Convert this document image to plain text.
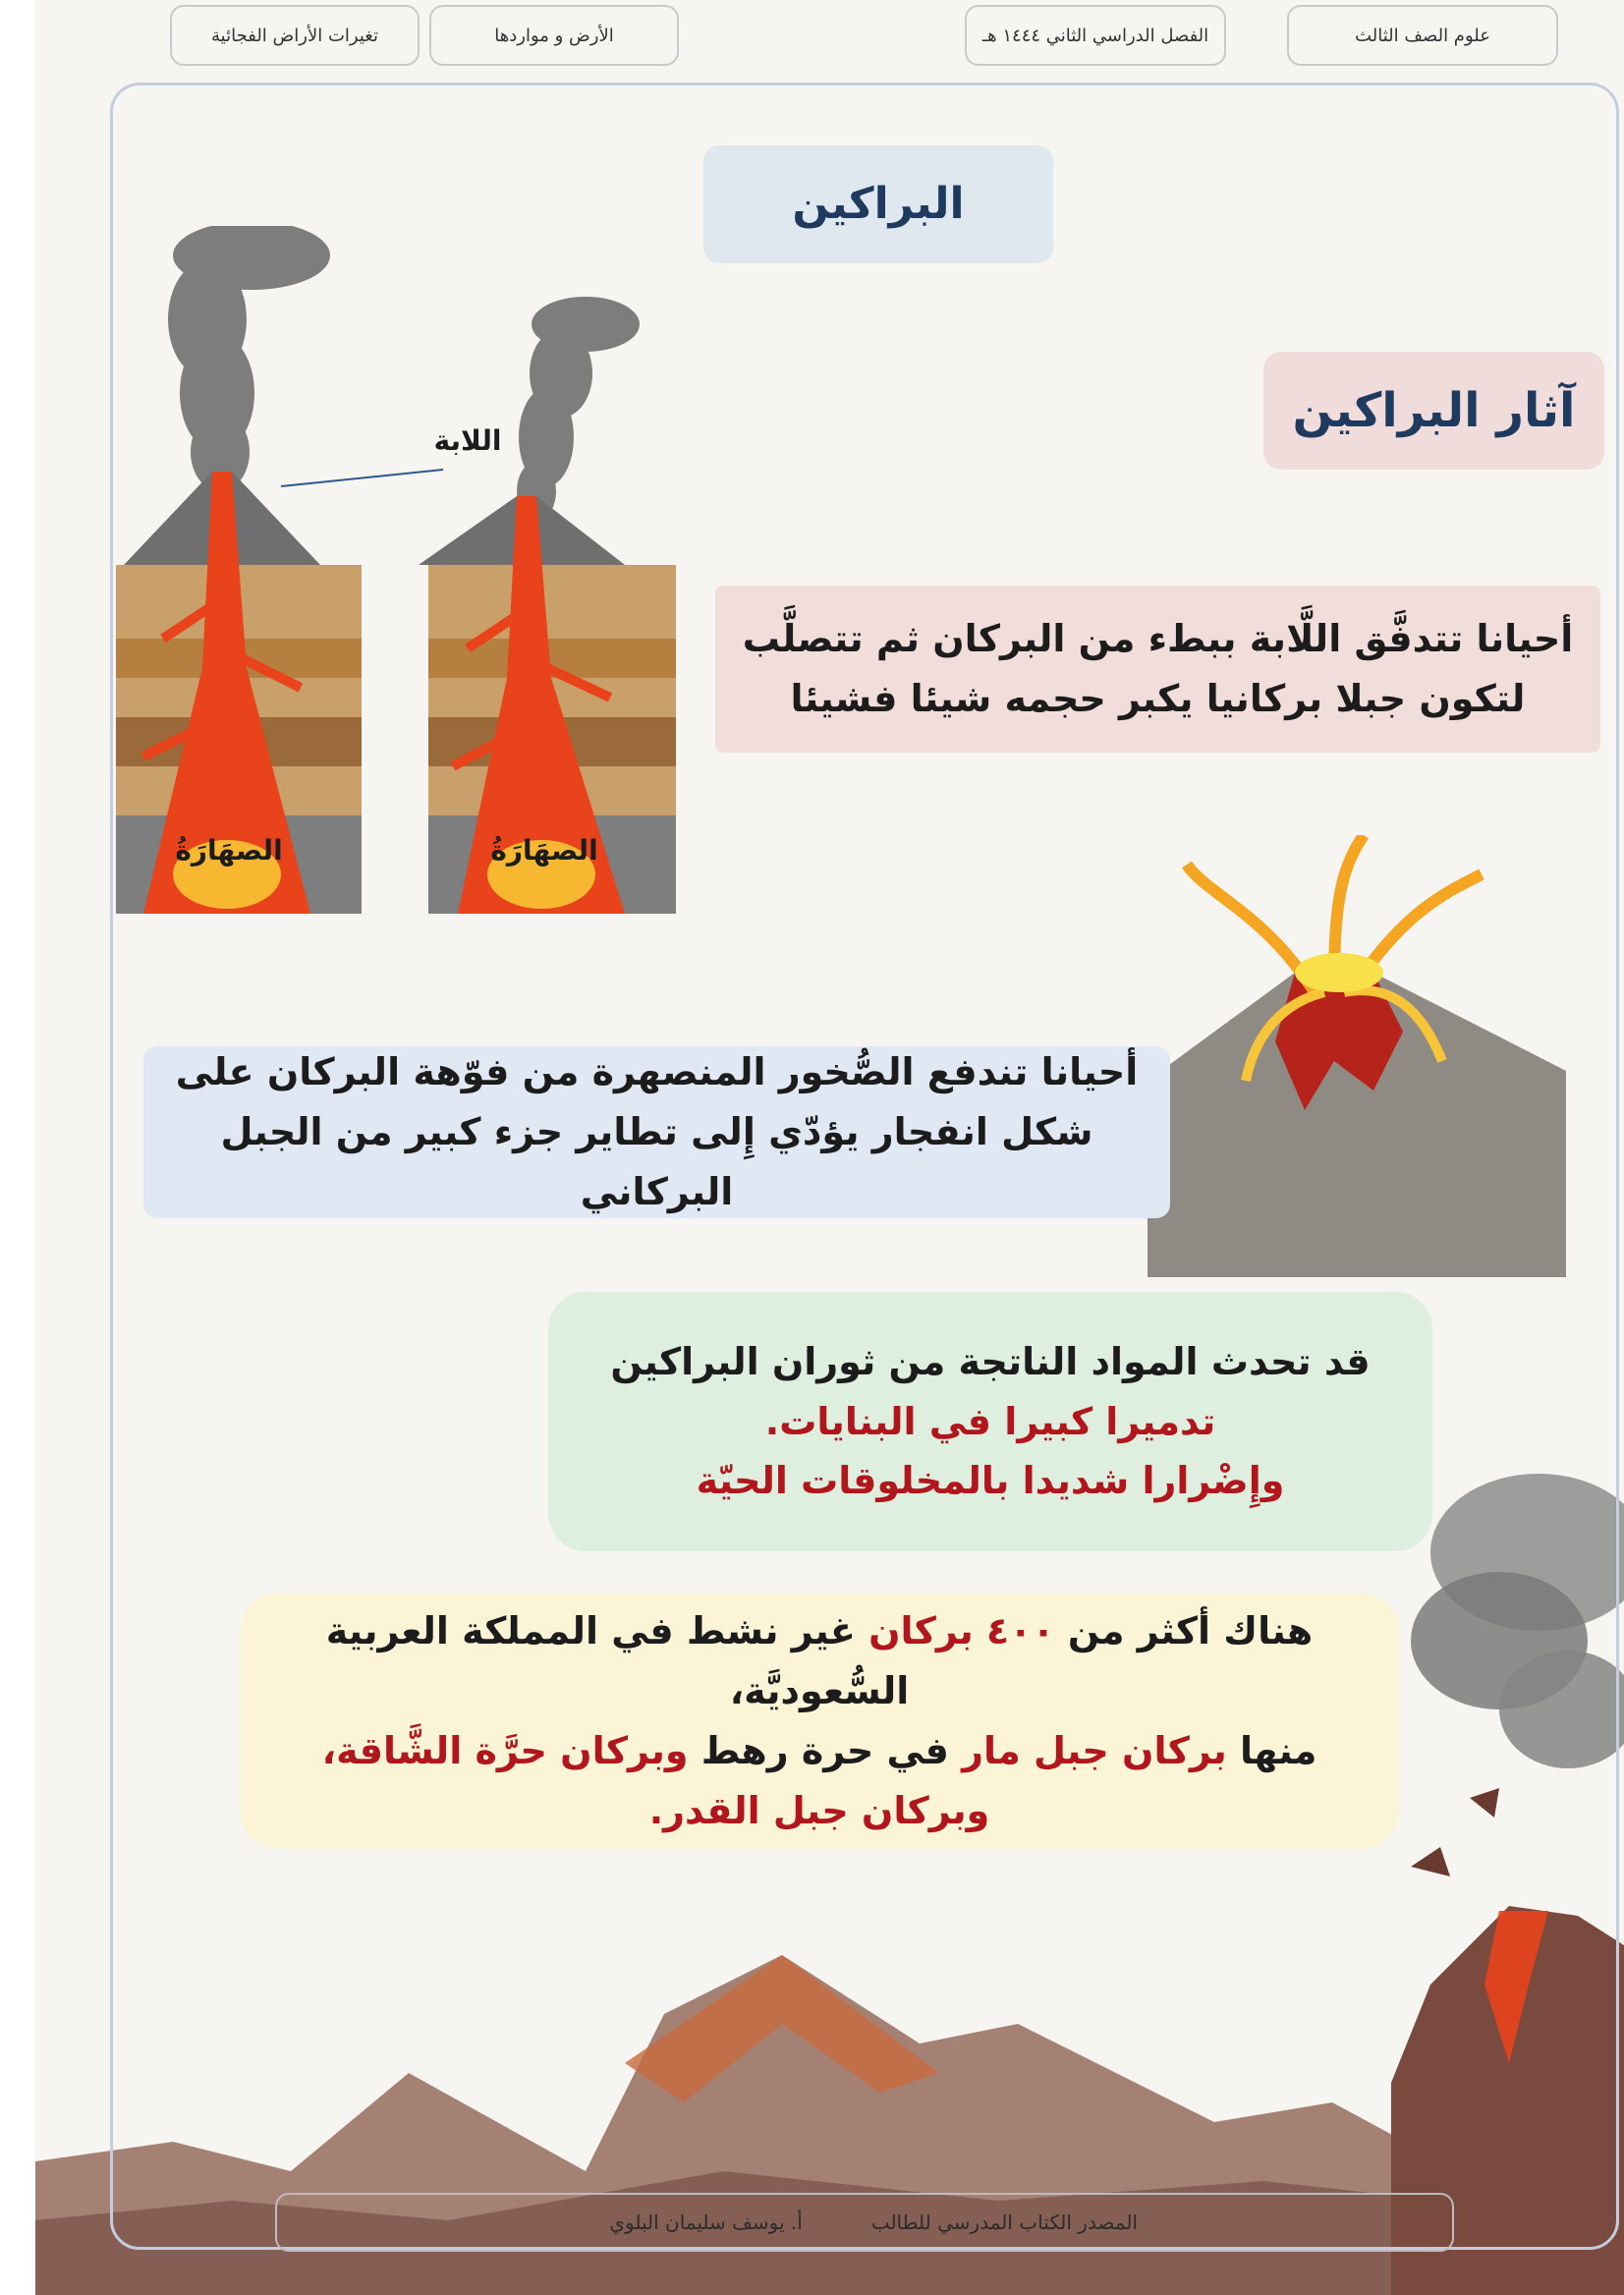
علوم الصف الثالث
الفصل الدراسي الثاني ١٤٤٤ هـ
الأرض و مواردها
تغيرات الأراض الفجائية
البراكين
آثار البراكين
اللابة
الصهَارَةُ	الصهَارَةُ
أحيانا تتدفَّق اللَّابة ببطء من البركان ثم تتصلَّب
لتكون جبلا بركانيا يكبر حجمه شيئا فشيئا
أحيانا تندفع الصُّخور المنصهرة من فوّهة البركان على
شكل انفجار يؤدّي إِلى تطاير جزء كبير من الجبل البركاني
قد تحدث المواد الناتجة من ثوران البراكين
تدميرا كبيرا في البنايات.
وإِضْرارا شديدا بالمخلوقات الحيّة
هناك أكثر من ٤٠٠ بركان غير نشط في المملكة العربية السُّعوديَّة،
منها بركان جبل مار في حرة رهط وبركان حرَّة الشَّاقة،
وبركان جبل القدر.
المصدر الكتاب المدرسي للطالب
أ. يوسف سليمان البلوي
